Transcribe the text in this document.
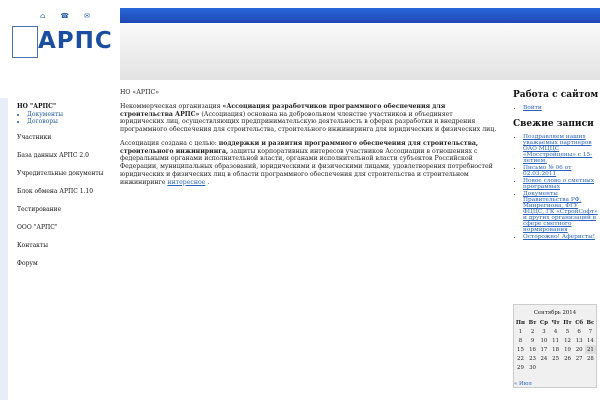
⌂ ☎ ✉
АРПС
НО "АРПС"
• Документы
• Договоры
Участники
База данных АРПС 2.0
Учредительные документы
Блок обмена АРПС 1.10
Тестирование
ООО "АРПС"
Контакты
Форум
НО «АРПС»

Некоммерческая организация «Ассоциация разработчиков программного обеспечения для строительства АРПС» (Ассоциация) основана на добровольном членстве участников и объединяет юридических лиц, осуществляющих предпринимательскую деятельность в сферах разработки и внедрения программного обеспечения для строительства, строительного инжиниринга для юридических и физических лиц.

Ассоциация создана с целью: поддержки и развития программного обеспечения для строительства, строительного инжиниринга, защиты корпоративных интересов участников Ассоциации в отношениях с федеральными органами исполнительной власти, органами исполнительной власти субъектов Российской Федерации, муниципальных образований, юридическими и физическими лицами, удовлетворения потребностей юридических и физических лиц в области программного обеспечения для строительства и строительном инжиниринге интересное .

Работа с сайтом
• Войти
Свежие записи
• Поздравляем наших уважаемых партнеров ОАО МЦЦС «Мосстройцены» с 15-летием.
• Письмо № 06 от 02.03.2011
• Новое слово о сметных программах
• Документы Правительства РФ, Минрегиона, ФГУ ФЦЦС, ГК «СтройСофт» и других организаций в сфере сметного нормирования
• Осторожно! Аферисты!
Сентябрь 2014
Пн	Вт	Ср	Чт	Пт	Сб	Вс
1	2	3	4	5	6	7
8	9	10	11	12	13	14
15	16	17	18	19	20	21
22	23	24	25	26	27	28
29	30					
« Июл
